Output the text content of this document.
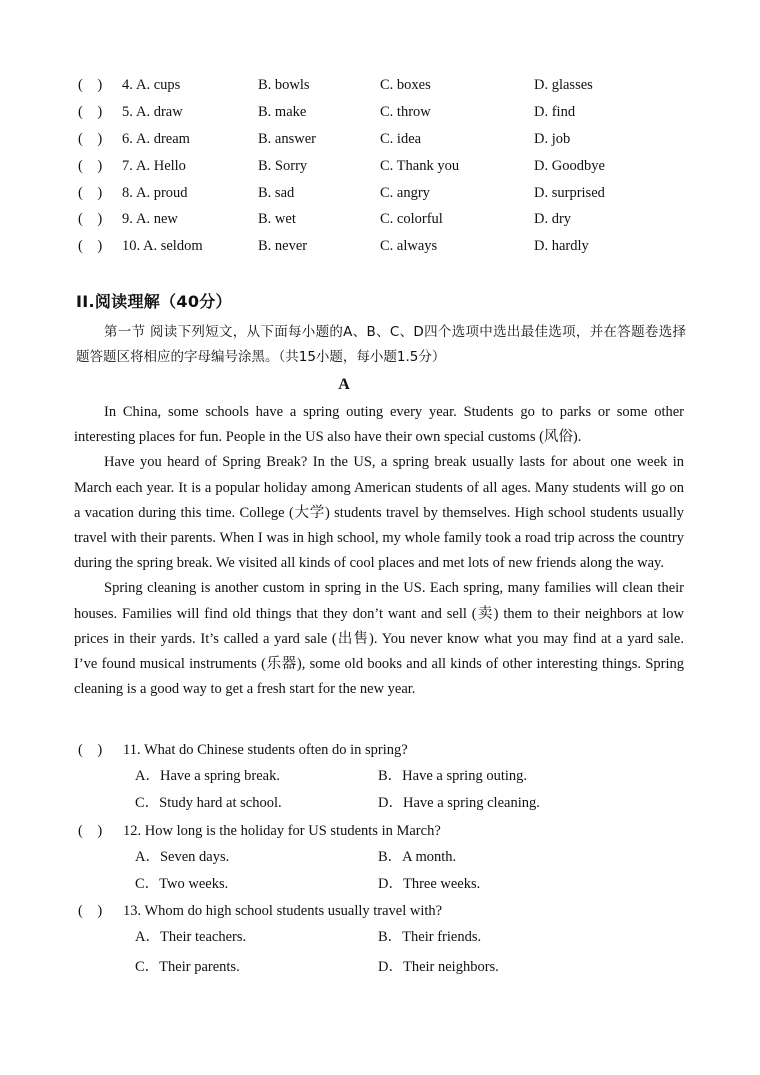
(    ) 4. A. cups	B. bowls	C. boxes	D. glasses
(    ) 5. A. draw	B. make	C. throw	D. find
(    ) 6. A. dream	B. answer	C. idea	D. job
(    ) 7. A. Hello	B. Sorry	C. Thank you	D. Goodbye
(    ) 8. A. proud	B. sad	C. angry	D. surprised
(    ) 9. A. new	B. wet	C. colorful	D. dry
(    ) 10. A. seldom	B. never	C. always	D. hardly
II.阅读理解（40分）
第一节 阅读下列短文，从下面每小题的A、B、C、D四个选项中选出最佳选项，并在答题卷选择题答题区将相应的字母编号涂黑。（共15小题，每小题1.5分）
A

In China, some schools have a spring outing every year. Students go to parks or some other interesting places for fun. People in the US also have their own special customs (风俗).

Have you heard of Spring Break? In the US, a spring break usually lasts for about one week in March each year. It is a popular holiday among American students of all ages. Many students will go on a vacation during this time. College (大学) students travel by themselves. High school students usually travel with their parents. When I was in high school, my whole family took a road trip across the country during the spring break. We visited all kinds of cool places and met lots of new friends along the way.

Spring cleaning is another custom in spring in the US. Each spring, many families will clean their houses. Families will find old things that they don’t want and sell (卖) them to their neighbors at low prices in their yards. It’s called a yard sale (出售). You never know what you may find at a yard sale. I’ve found musical instruments (乐器), some old books and all kinds of other interesting things. Spring cleaning is a good way to get a fresh start for the new year.

(    ) 11. What do Chinese students often do in spring?
A．Have a spring break.	B．Have a spring outing.
C．Study hard at school.	D．Have a spring cleaning.
(    ) 12. How long is the holiday for US students in March?
A．Seven days.	B．A month.
C．Two weeks.	D．Three weeks.
(    ) 13. Whom do high school students usually travel with?
A．Their teachers.	B．Their friends.
C．Their parents.	D．Their neighbors.
